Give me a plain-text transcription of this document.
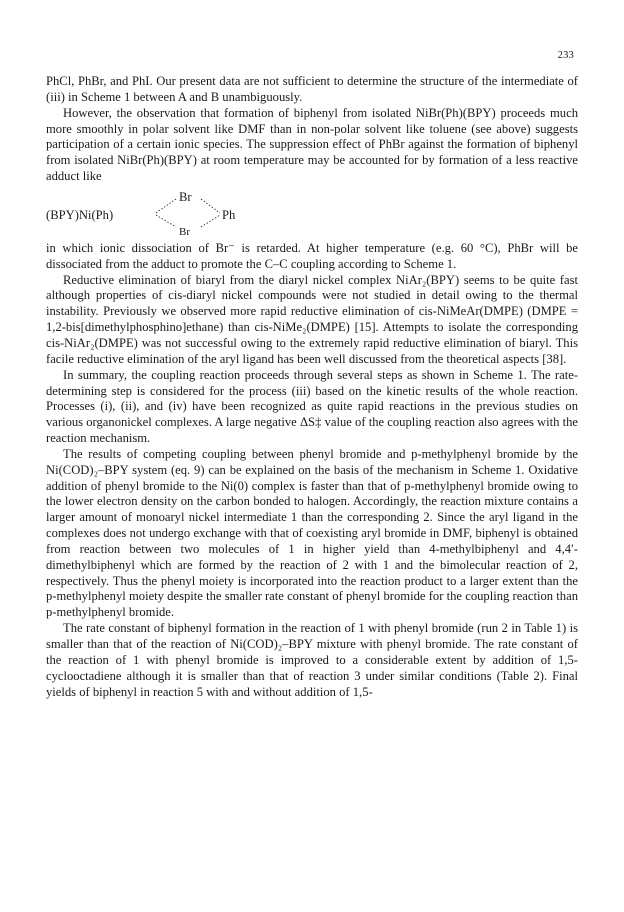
233

PhCl, PhBr, and PhI. Our present data are not sufficient to determine the structure of the intermediate of (iii) in Scheme 1 between A and B unambiguously.

However, the observation that formation of biphenyl from isolated NiBr(Ph)(BPY) proceeds much more smoothly in polar solvent like DMF than in non-polar solvent like toluene (see above) suggests participation of a certain ionic species. The suppression effect of PhBr against the formation of biphenyl from isolated NiBr(Ph)(BPY) at room temperature may be accounted for by formation of a less reactive adduct like

(BPY)Ni(Ph)
Br
Ph
Br

in which ionic dissociation of Br⁻ is retarded. At higher temperature (e.g. 60 °C), PhBr will be dissociated from the adduct to promote the C–C coupling according to Scheme 1.

Reductive elimination of biaryl from the diaryl nickel complex NiAr₂(BPY) seems to be quite fast although properties of cis-diaryl nickel compounds were not studied in detail owing to the thermal instability. Previously we observed more rapid reductive elimination of cis-NiMeAr(DMPE) (DMPE = 1,2-bis[dimethylphosphino]ethane) than cis-NiMe₂(DMPE) [15]. Attempts to isolate the corresponding cis-NiAr₂(DMPE) was not successful owing to the extremely rapid reductive elimination of biaryl. This facile reductive elimination of the aryl ligand has been well discussed from the theoretical aspects [38].

In summary, the coupling reaction proceeds through several steps as shown in Scheme 1. The rate-determining step is considered for the process (iii) based on the kinetic results of the whole reaction. Processes (i), (ii), and (iv) have been recognized as quite rapid reactions in the previous studies on various organonickel complexes. A large negative ΔS‡ value of the coupling reaction also agrees with the reaction mechanism.

The results of competing coupling between phenyl bromide and p-methylphenyl bromide by the Ni(COD)₂–BPY system (eq. 9) can be explained on the basis of the mechanism in Scheme 1. Oxidative addition of phenyl bromide to the Ni(0) complex is faster than that of p-methylphenyl bromide owing to the lower electron density on the carbon bonded to halogen. Accordingly, the reaction mixture contains a larger amount of monoaryl nickel intermediate 1 than the corresponding 2. Since the aryl ligand in the complexes does not undergo exchange with that of coexisting aryl bromide in DMF, biphenyl is obtained from reaction between two molecules of 1 in higher yield than 4-methylbiphenyl and 4,4′-dimethylbiphenyl which are formed by the reaction of 2 with 1 and the bimolecular reaction of 2, respectively. Thus the phenyl moiety is incorporated into the reaction product to a larger extent than the p-methylphenyl moiety despite the smaller rate constant of phenyl bromide for the coupling reaction than p-methylphenyl bromide.

The rate constant of biphenyl formation in the reaction of 1 with phenyl bromide (run 2 in Table 1) is smaller than that of the reaction of Ni(COD)₂–BPY mixture with phenyl bromide. The rate constant of the reaction of 1 with phenyl bromide is improved to a considerable extent by addition of 1,5-cyclooctadiene although it is smaller than that of reaction 3 under similar conditions (Table 2). Final yields of biphenyl in reaction 5 with and without addition of 1,5-
